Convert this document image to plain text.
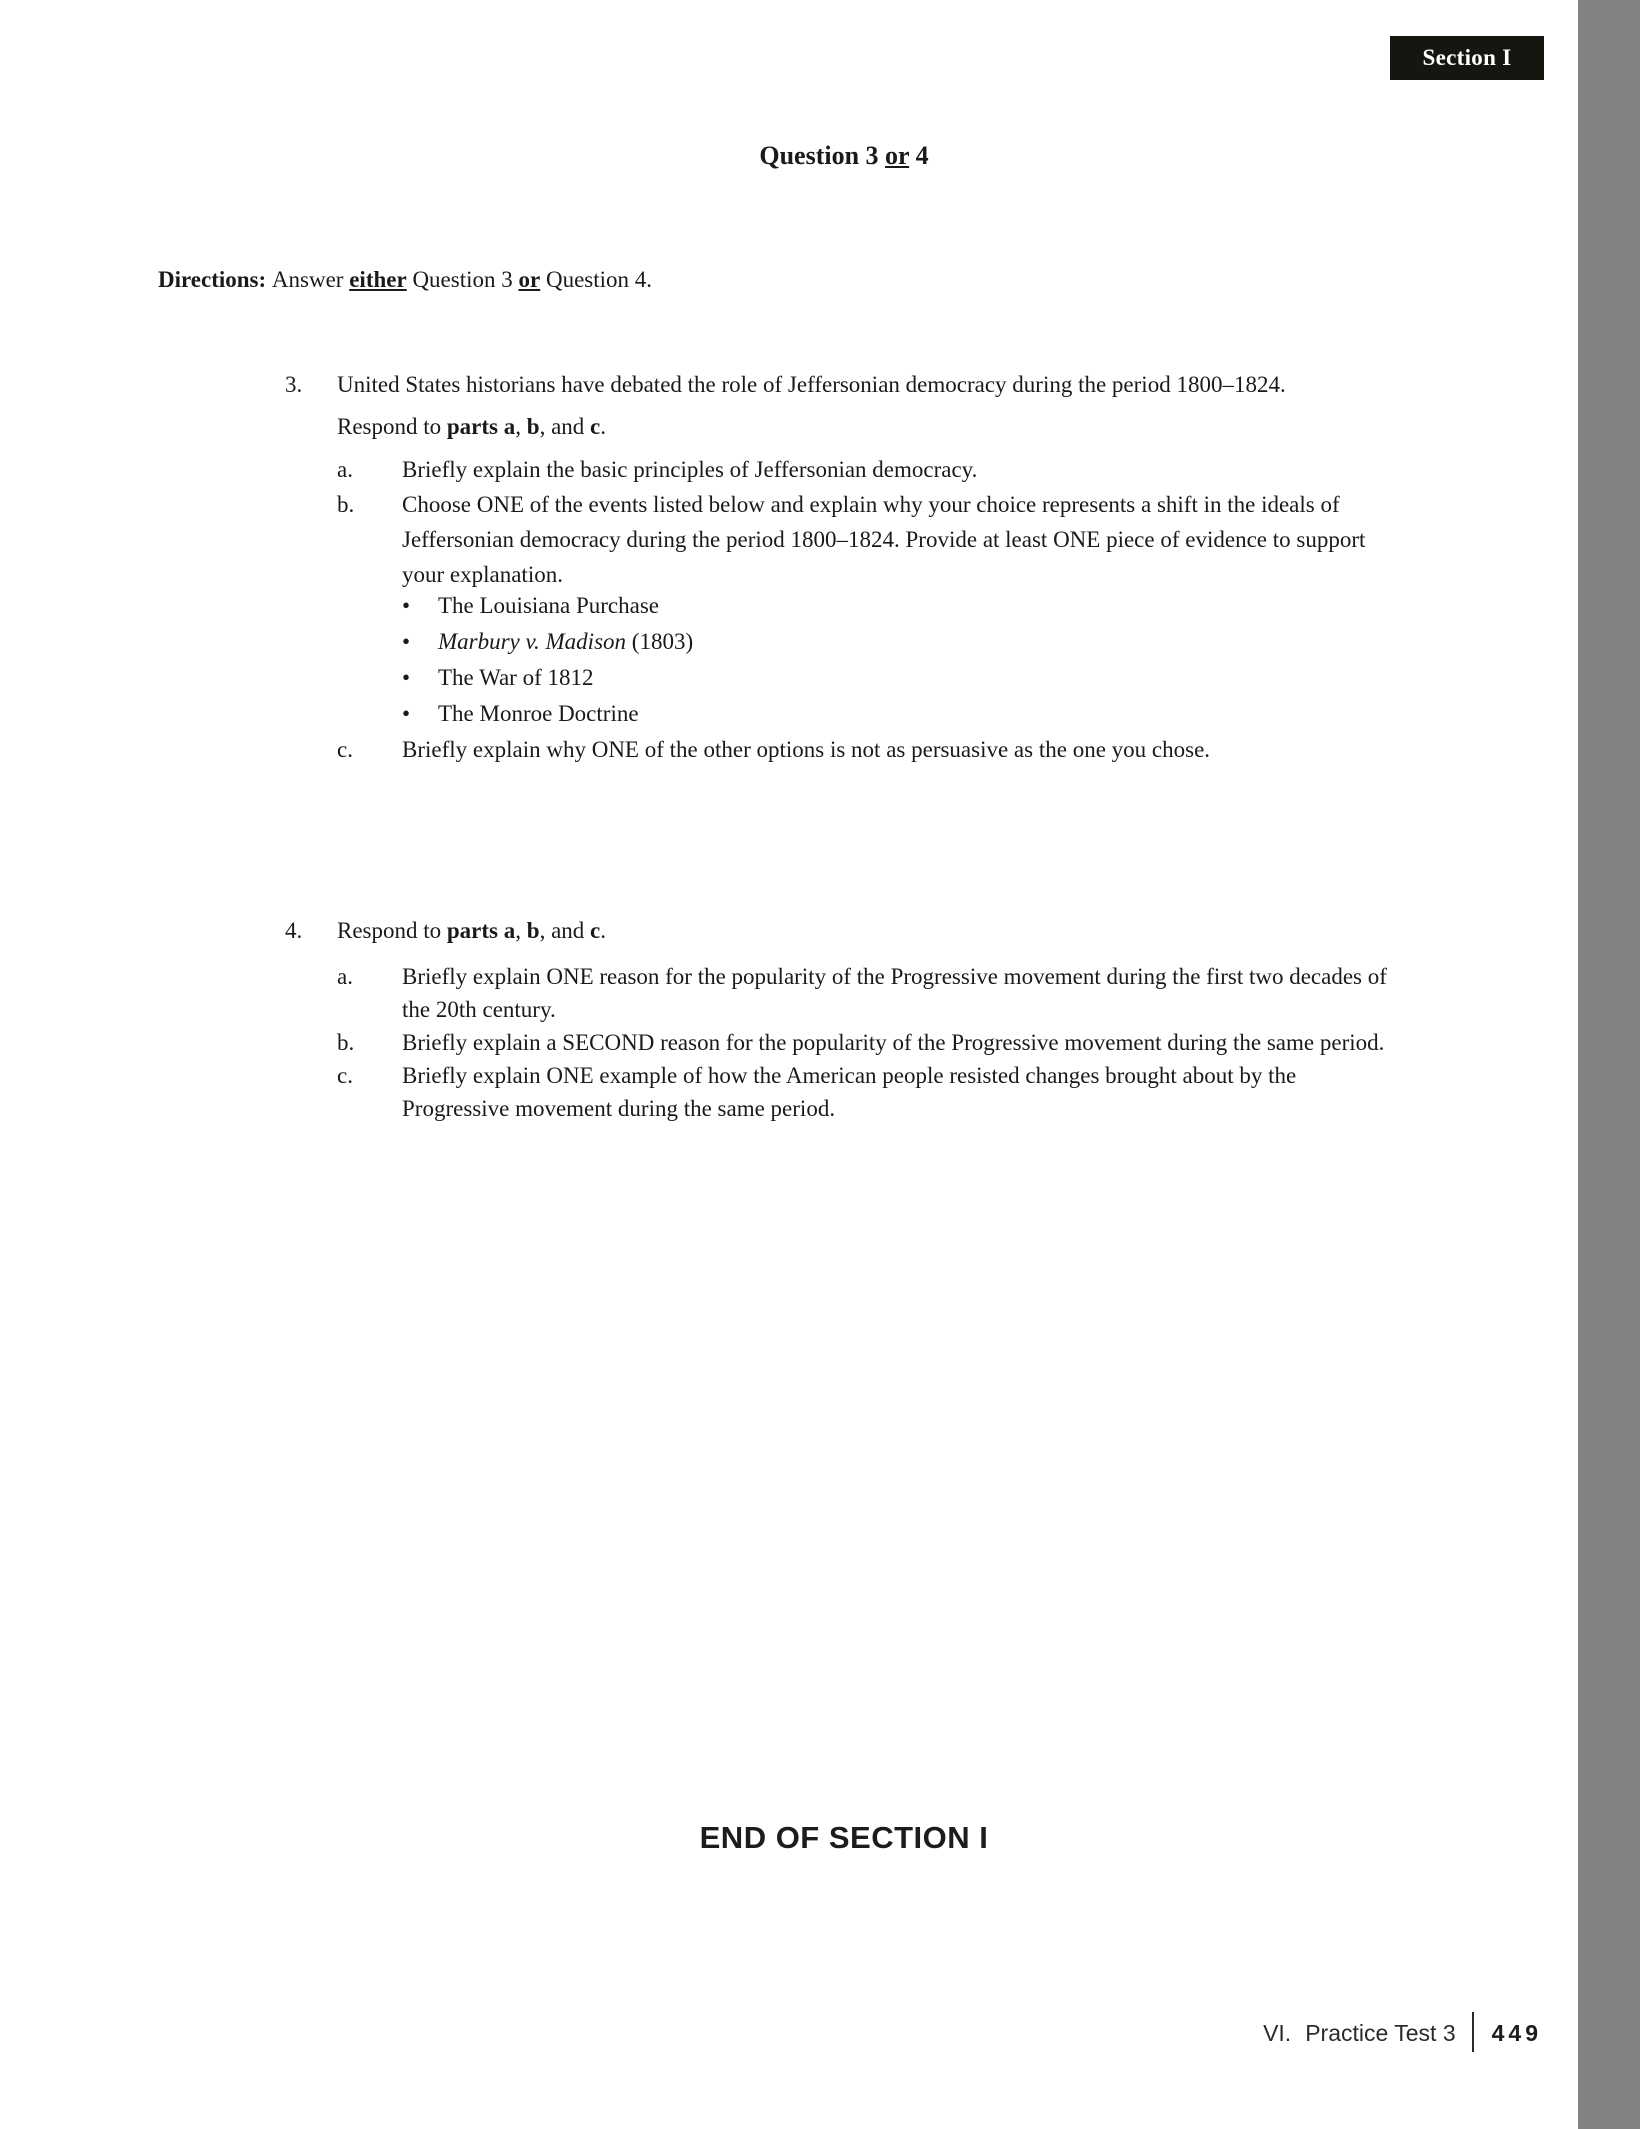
Section I
Question 3 or 4
Directions: Answer either Question 3 or Question 4.
3. United States historians have debated the role of Jeffersonian democracy during the period 1800–1824.
Respond to parts a, b, and c.
a. Briefly explain the basic principles of Jeffersonian democracy.
b. Choose ONE of the events listed below and explain why your choice represents a shift in the ideals of Jeffersonian democracy during the period 1800–1824. Provide at least ONE piece of evidence to support your explanation.
• The Louisiana Purchase
• Marbury v. Madison (1803)
• The War of 1812
• The Monroe Doctrine
c. Briefly explain why ONE of the other options is not as persuasive as the one you chose.
4. Respond to parts a, b, and c.
a. Briefly explain ONE reason for the popularity of the Progressive movement during the first two decades of the 20th century.
b. Briefly explain a SECOND reason for the popularity of the Progressive movement during the same period.
c. Briefly explain ONE example of how the American people resisted changes brought about by the Progressive movement during the same period.
END OF SECTION I
VI. Practice Test 3 449
